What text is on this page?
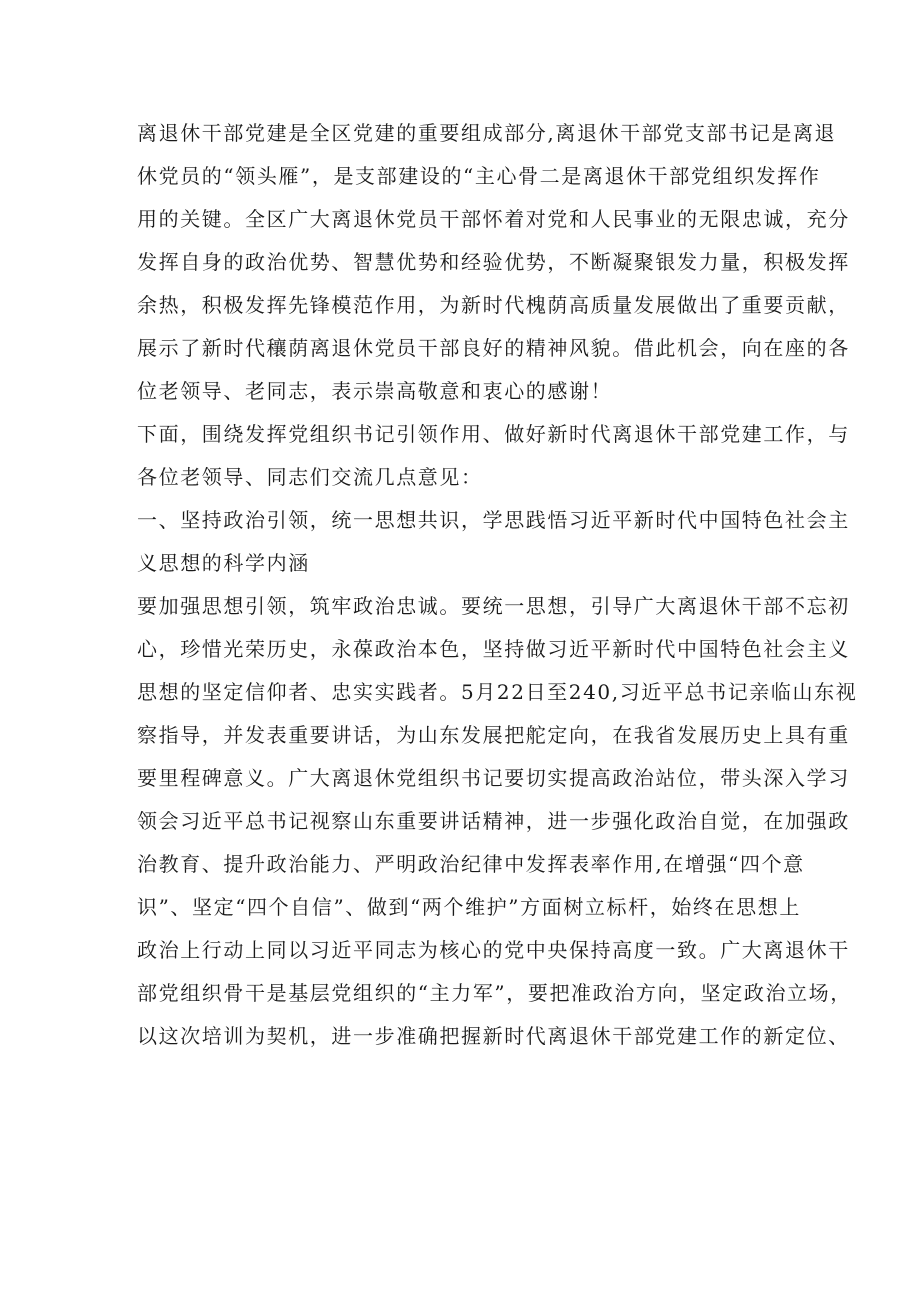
离退休干部党建是全区党建的重要组成部分,离退休干部党支部书记是离退
休党员的“领头雁”，是支部建设的“主心骨二是离退休干部党组织发挥作
用的关键。全区广大离退休党员干部怀着对党和人民事业的无限忠诚，充分
发挥自身的政治优势、智慧优势和经验优势，不断凝聚银发力量，积极发挥
余热，积极发挥先锋模范作用，为新时代槐荫高质量发展做出了重要贡献，
展示了新时代穰荫离退休党员干部良好的精神风貌。借此机会，向在座的各
位老领导、老同志，表示崇高敬意和衷心的感谢！
下面，围绕发挥党组织书记引领作用、做好新时代离退休干部党建工作，与
各位老领导、同志们交流几点意见：
一、坚持政治引领，统一思想共识，学思践悟习近平新时代中国特色社会主
义思想的科学内涵
要加强思想引领，筑牢政治忠诚。要统一思想，引导广大离退休干部不忘初
心，珍惜光荣历史，永葆政治本色，坚持做习近平新时代中国特色社会主义
思想的坚定信仰者、忠实实践者。5月22日至240,习近平总书记亲临山东视
察指导，并发表重要讲话，为山东发展把舵定向，在我省发展历史上具有重
要里程碑意义。广大离退休党组织书记要切实提高政治站位，带头深入学习
领会习近平总书记视察山东重要讲话精神，进一步强化政治自觉，在加强政
治教育、提升政治能力、严明政治纪律中发挥表率作用,在增强“四个意
识”、坚定“四个自信”、做到“两个维护”方面树立标杆，始终在思想上
政治上行动上同以习近平同志为核心的党中央保持高度一致。广大离退休干
部党组织骨干是基层党组织的“主力军”，要把准政治方向，坚定政治立场，
以这次培训为契机，进一步准确把握新时代离退休干部党建工作的新定位、
